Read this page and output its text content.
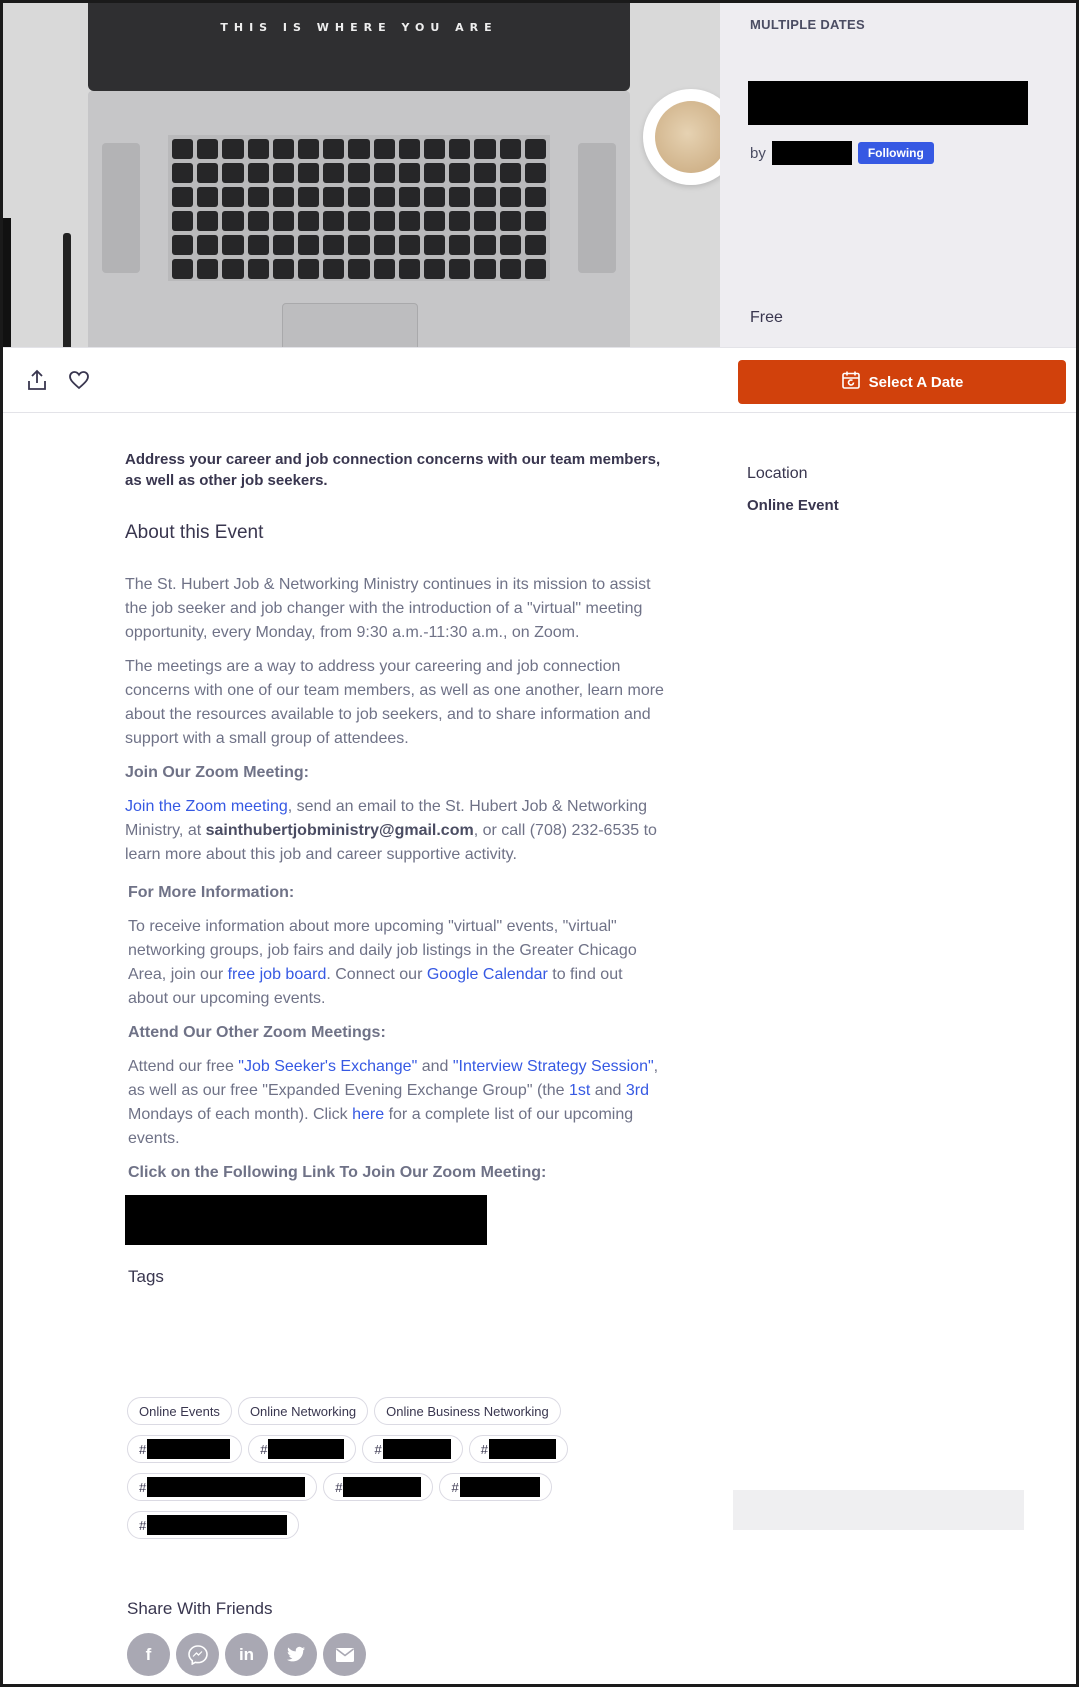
THIS IS WHERE YOU ARE	MULTIPLE DATES
by	Following
Free
Select A Date
Address your career and job connection concerns with our team members, as well as other job seekers.
About this Event
The St. Hubert Job & Networking Ministry continues in its mission to assist the job seeker and job changer with the introduction of a "virtual" meeting opportunity, every Monday, from 9:30 a.m.-11:30 a.m., on Zoom.
The meetings are a way to address your careering and job connection concerns with one of our team members, as well as one another, learn more about the resources available to job seekers, and to share information and support with a small group of attendees.
Join Our Zoom Meeting:
Join the Zoom meeting, send an email to the St. Hubert Job & Networking Ministry, at sainthubertjobministry@gmail.com, or call (708) 232-6535 to learn more about this job and career supportive activity.
For More Information:
To receive information about more upcoming "virtual" events, "virtual" networking groups, job fairs and daily job listings in the Greater Chicago Area, join our free job board. Connect our Google Calendar to find out about our upcoming events.
Attend Our Other Zoom Meetings:
Attend our free "Job Seeker's Exchange" and "Interview Strategy Session", as well as our free "Expanded Evening Exchange Group" (the 1st and 3rd Mondays of each month). Click here for a complete list of our upcoming events.
Click on the Following Link To Join Our Zoom Meeting:
Tags
Online Events	Online Networking	Online Business Networking
#	#	#	#
#	#	#
#
Share With Friends
f	in
Location
Online Event
